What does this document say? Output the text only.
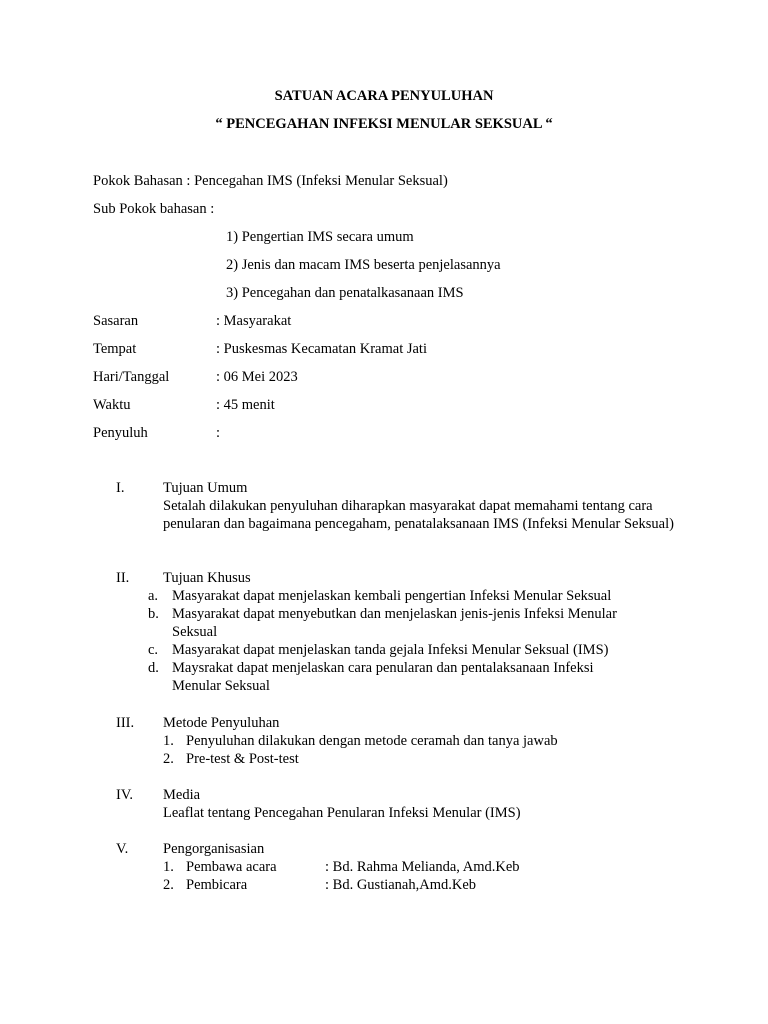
SATUAN ACARA PENYULUHAN
“ PENCEGAHAN INFEKSI MENULAR SEKSUAL “
Pokok Bahasan : Pencegahan IMS (Infeksi Menular Seksual)
Sub Pokok bahasan :
1) Pengertian IMS secara umum
2) Jenis dan macam IMS beserta penjelasannya
3) Pencegahan dan penatalkasanaan IMS
Sasaran	: Masyarakat
Tempat	: Puskesmas Kecamatan Kramat Jati
Hari/Tanggal	: 06 Mei 2023
Waktu	: 45 menit
Penyuluh	:
I.	Tujuan Umum
Setalah dilakukan penyuluhan diharapkan masyarakat dapat memahami tentang cara penularan dan bagaimana pencegaham, penatalaksanaan IMS (Infeksi Menular Seksual)
II. Tujuan Khusus
a. Masyarakat dapat menjelaskan kembali pengertian Infeksi Menular Seksual
b. Masyarakat dapat menyebutkan dan menjelaskan jenis-jenis Infeksi Menular Seksual
c. Masyarakat dapat menjelaskan tanda gejala Infeksi Menular Seksual (IMS)
d. Maysrakat dapat menjelaskan cara penularan dan pentalaksanaan Infeksi Menular Seksual
III. Metode Penyuluhan
1. Penyuluhan dilakukan dengan metode ceramah dan tanya jawab
2. Pre-test & Post-test
IV. Media
Leaflat tentang Pencegahan Penularan Infeksi Menular (IMS)
V. Pengorganisasian
1. Pembawa acara	: Bd. Rahma Melianda, Amd.Keb
2. Pembicara	: Bd. Gustianah,Amd.Keb
